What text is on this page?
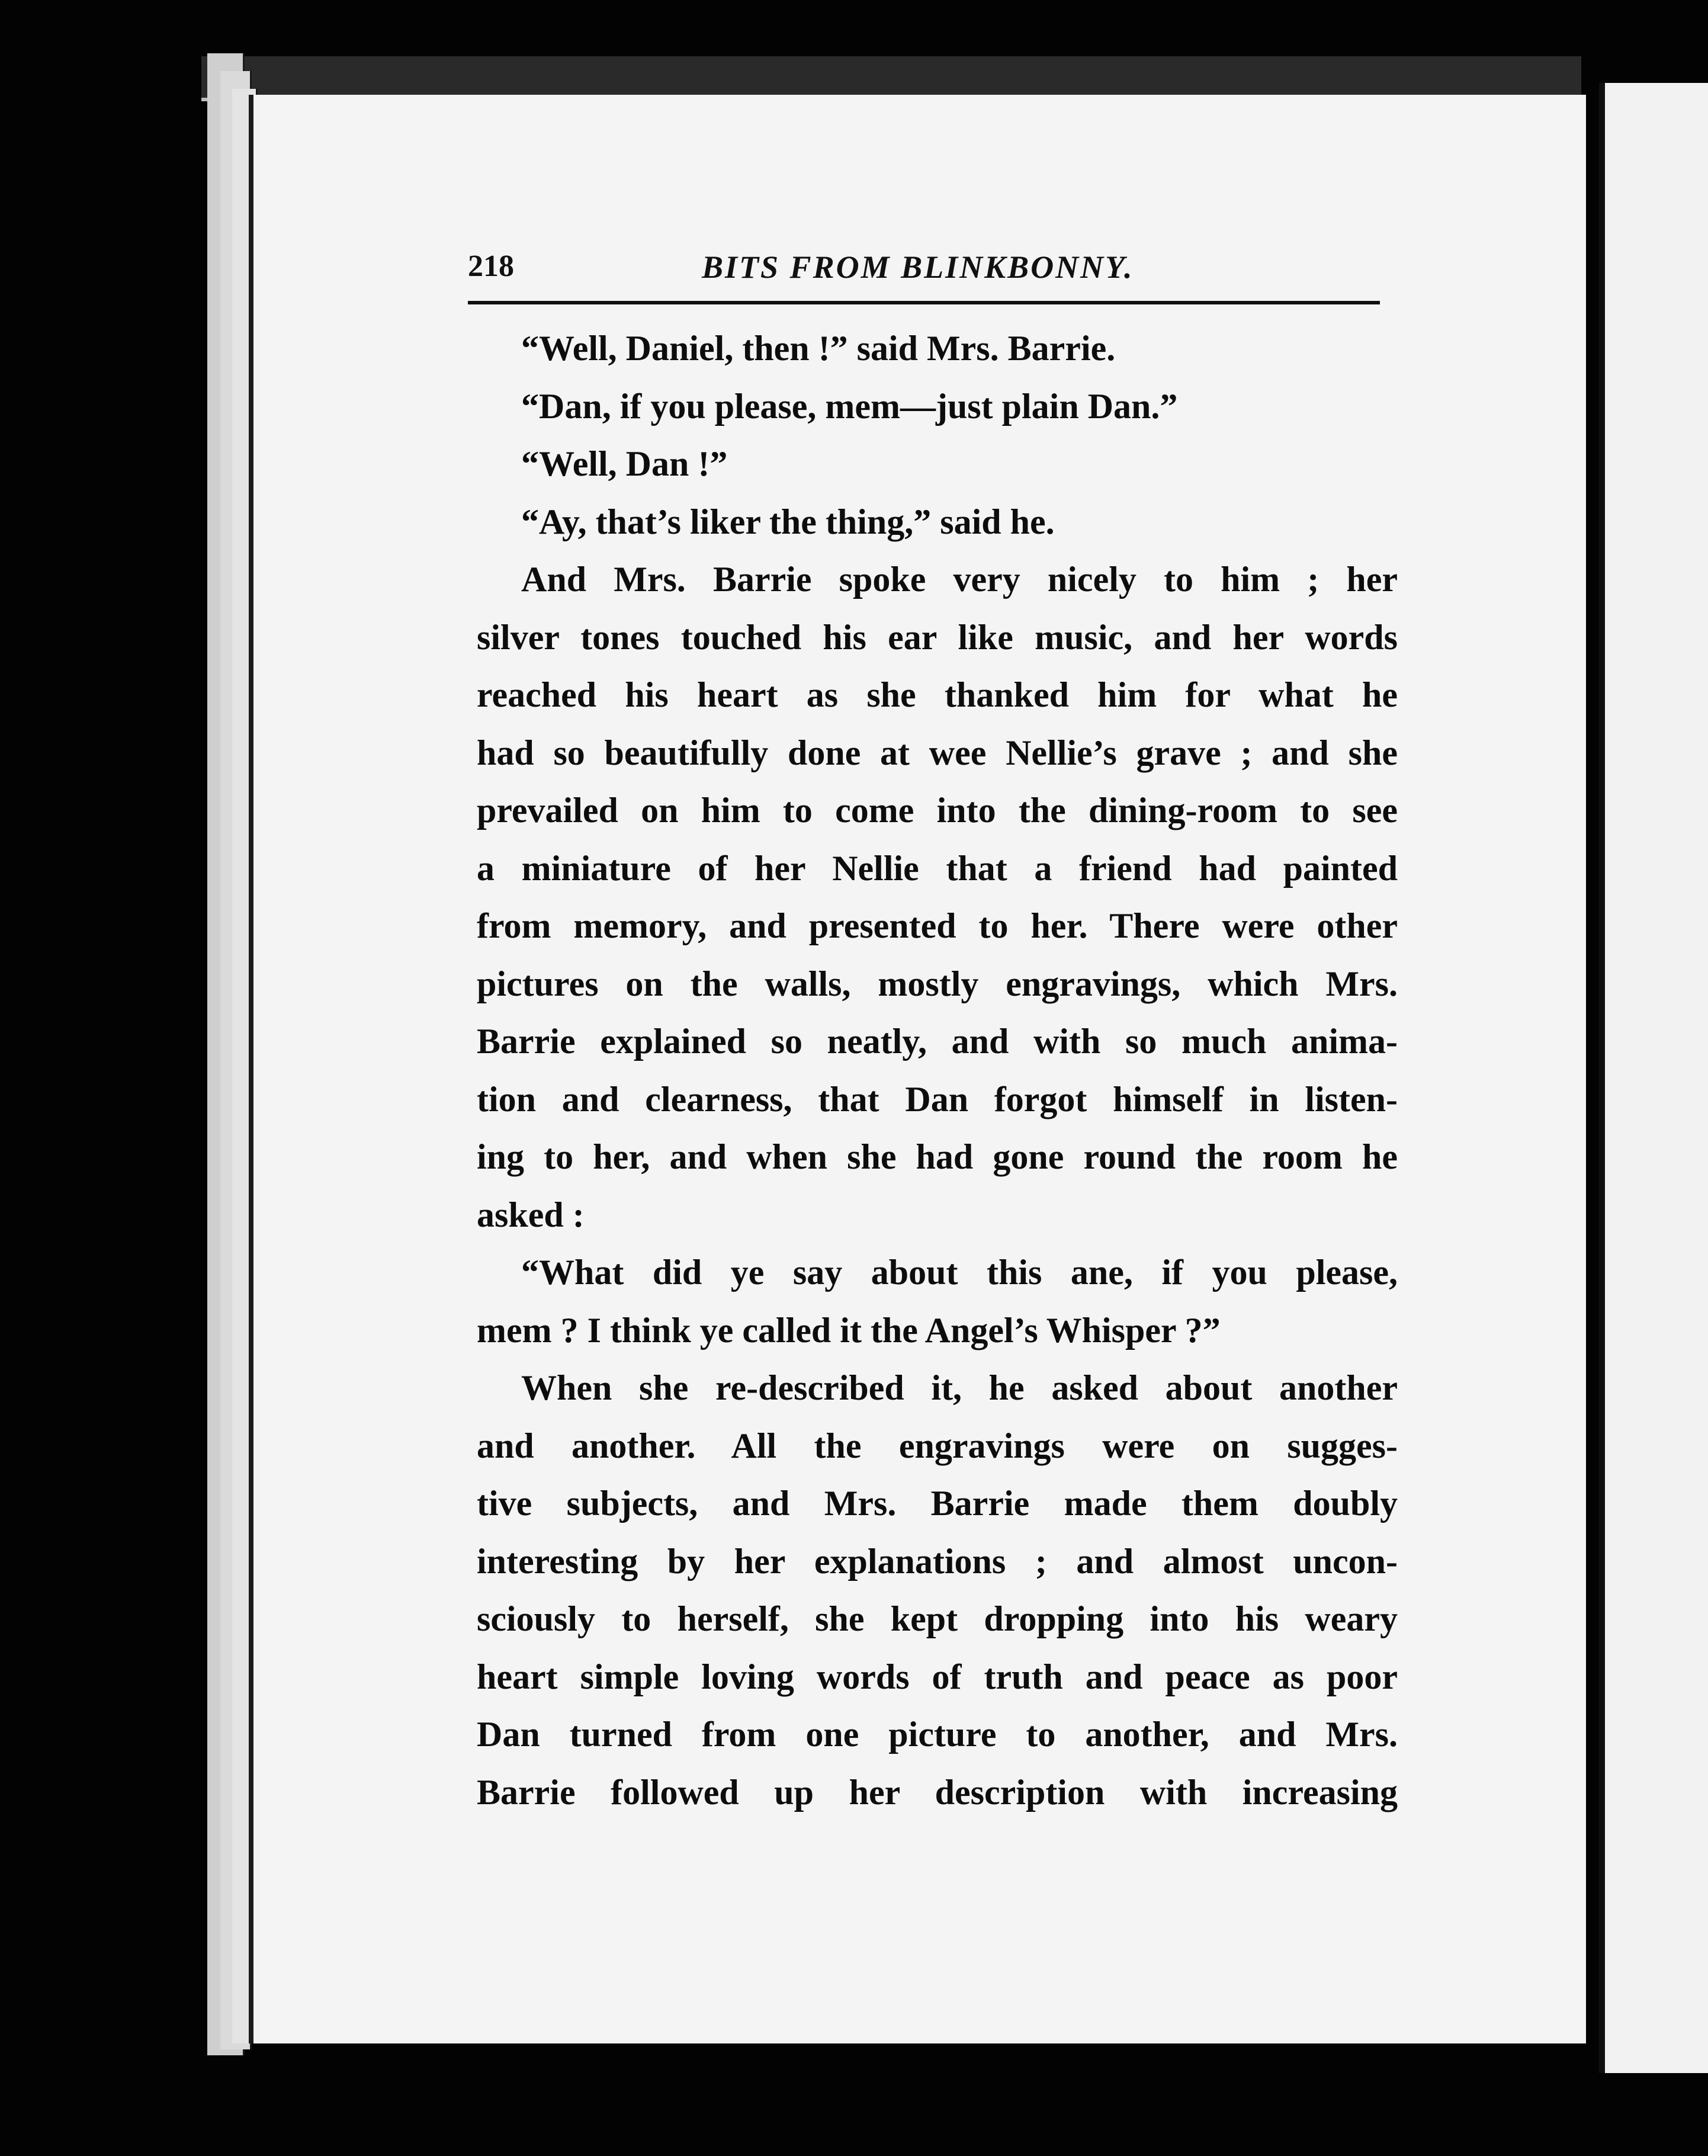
218	BITS FROM BLINKBONNY.
“Well, Daniel, then !” said Mrs. Barrie.
“Dan, if you please, mem—just plain Dan.”
“Well, Dan !”
“Ay, that’s liker the thing,” said he.
And Mrs. Barrie spoke very nicely to him ; her
silver tones touched his ear like music, and her words
reached his heart as she thanked him for what he
had so beautifully done at wee Nellie’s grave ; and she
prevailed on him to come into the dining-room to see
a miniature of her Nellie that a friend had painted
from memory, and presented to her. There were other
pictures on the walls, mostly engravings, which Mrs.
Barrie explained so neatly, and with so much anima-
tion and clearness, that Dan forgot himself in listen-
ing to her, and when she had gone round the room he
asked :
“What did ye say about this ane, if you please,
mem ? I think ye called it the Angel’s Whisper ?”
When she re-described it, he asked about another
and another. All the engravings were on sugges-
tive subjects, and Mrs. Barrie made them doubly
interesting by her explanations ; and almost uncon-
sciously to herself, she kept dropping into his weary
heart simple loving words of truth and peace as poor
Dan turned from one picture to another, and Mrs.
Barrie followed up her description with increasing
